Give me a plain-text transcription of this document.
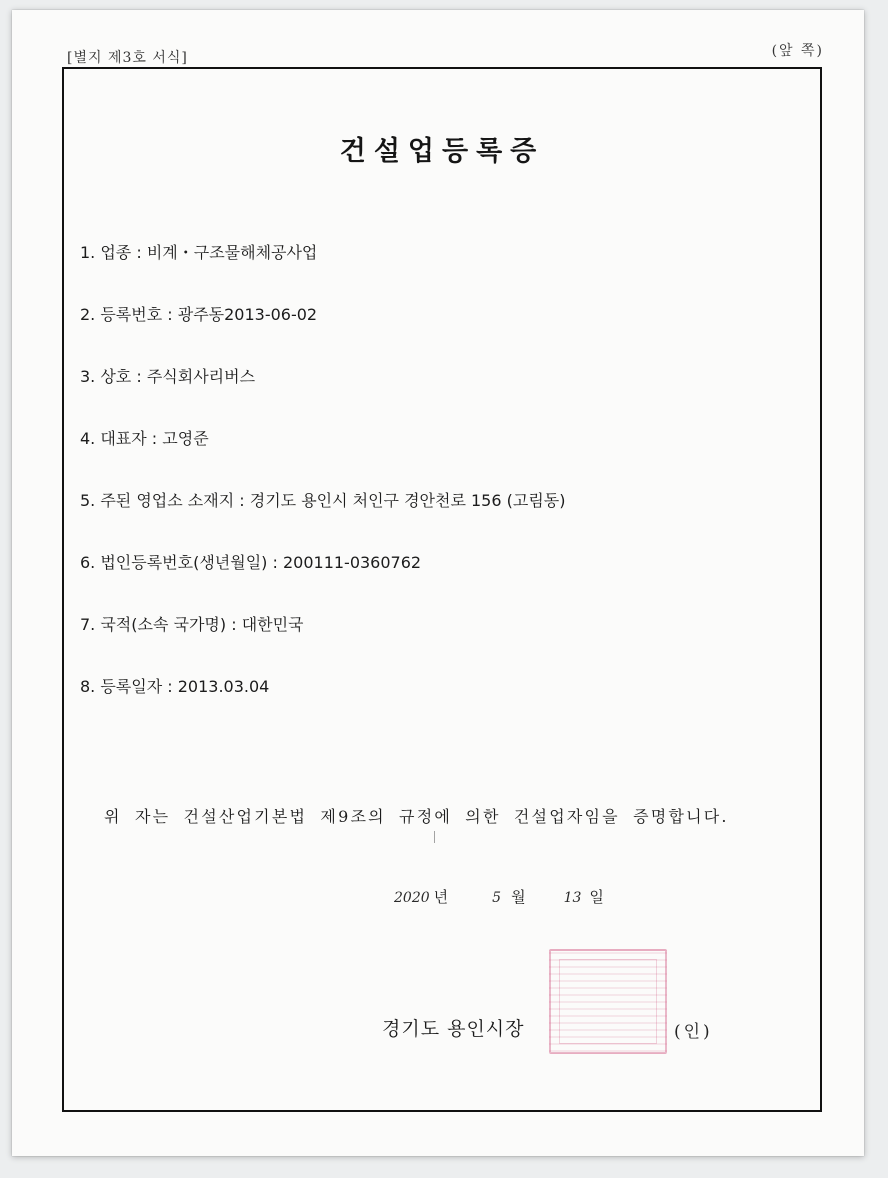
[별지 제3호 서식]	(앞 쪽)
건설업등록증
1. 업종 : 비계・구조물해체공사업
2. 등록번호 : 광주동2013-06-02
3. 상호 : 주식회사리버스
4. 대표자 : 고영준
5. 주된 영업소 소재지 : 경기도 용인시 처인구 경안천로 156 (고림동)
6. 법인등록번호(생년월일) : 200111-0360762
7. 국적(소속 국가명) : 대한민국
8. 등록일자 : 2013.03.04
위 자는 건설산업기본법 제9조의 규정에 의한 건설업자임을 증명합니다.
2020 년	5 월	13 일
경기도 용인시장	(인)
